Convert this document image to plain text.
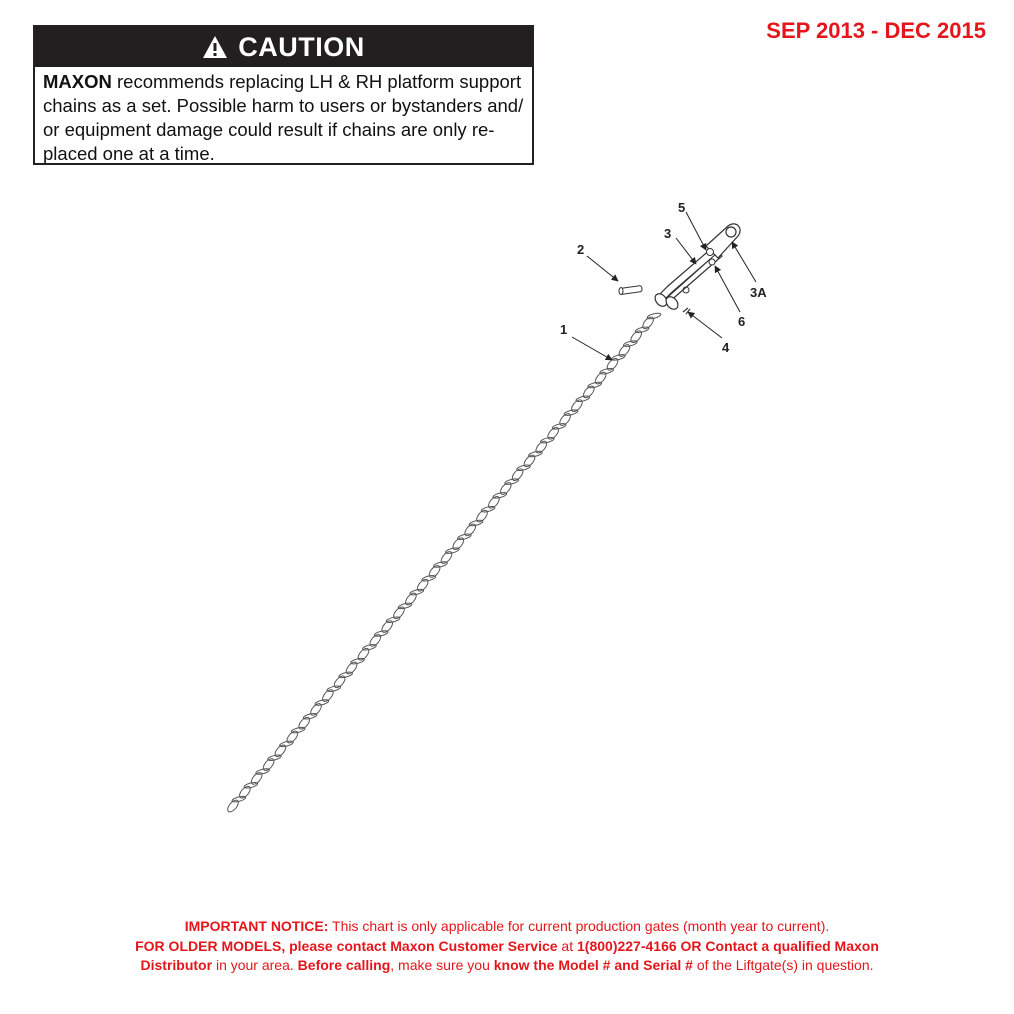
SEP 2013 - DEC 2015
CAUTION
MAXON recommends replacing LH & RH platform support
chains as a set. Possible harm to users or bystanders and/
or equipment damage could result if chains are only re-
placed one at a time.
1
2
3
5
3A
6
4
IMPORTANT NOTICE: This chart is only applicable for current production gates (month year to current).
FOR OLDER MODELS, please contact Maxon Customer Service at 1(800)227-4166 OR Contact a qualified Maxon
Distributor in your area. Before calling, make sure you know the Model # and Serial # of the Liftgate(s) in question.
